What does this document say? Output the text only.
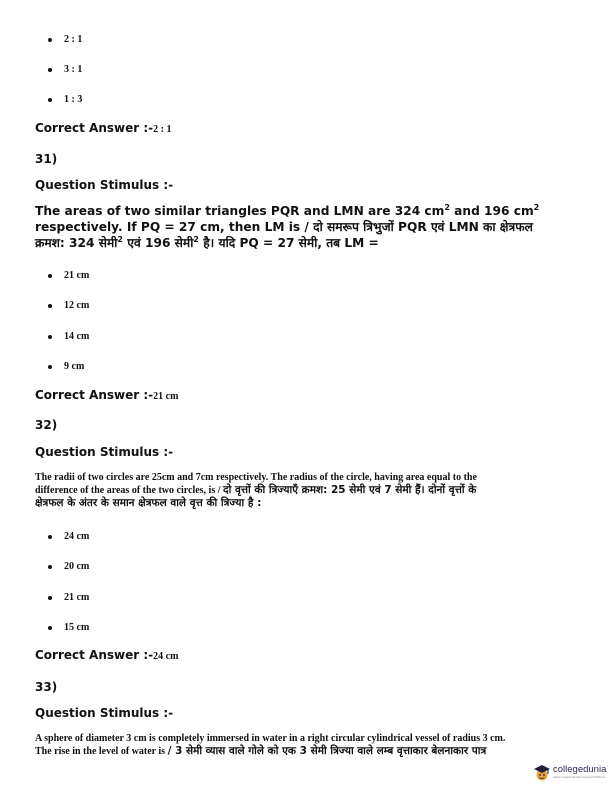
2 : 1
3 : 1
1 : 3
Correct Answer :-2 : 1
31)
Question Stimulus :-
The areas of two similar triangles PQR and LMN are 324 $cm^2$ and 196 $cm^2$
respectively. If PQ = 27 cm, then LM is / दो समरूप त्रिभुजों PQR एवं LMN का क्षेत्रफल
क्रमश: 324 सेमी$^2$ एवं 196 सेमी$^2$ है। यदि PQ = 27 सेमी, तब LM =
21 cm
12 cm
14 cm
9 cm
Correct Answer :-21 cm
32)
Question Stimulus :-
The radii of two circles are 25cm and 7cm respectively. The radius of the circle, having area equal to the
difference of the areas of the two circles, is / दो वृत्तों की त्रिज्याएँ क्रमश: 25 सेमी एवं 7 सेमी हैं। दोनों वृत्तों के
क्षेत्रफल के अंतर के समान क्षेत्रफल वाले वृत्त की त्रिज्या है :
24 cm
20 cm
21 cm
15 cm
Correct Answer :-24 cm
33)
Question Stimulus :-
A sphere of diameter 3 cm is completely immersed in water in a right circular cylindrical vessel of radius 3 cm.
The rise in the level of water is / 3 सेमी व्यास वाले गोले को एक 3 सेमी त्रिज्या वाले लम्ब वृत्ताकार बेलनाकार पात्र
collegedunia
India's largest Student Review Platform
